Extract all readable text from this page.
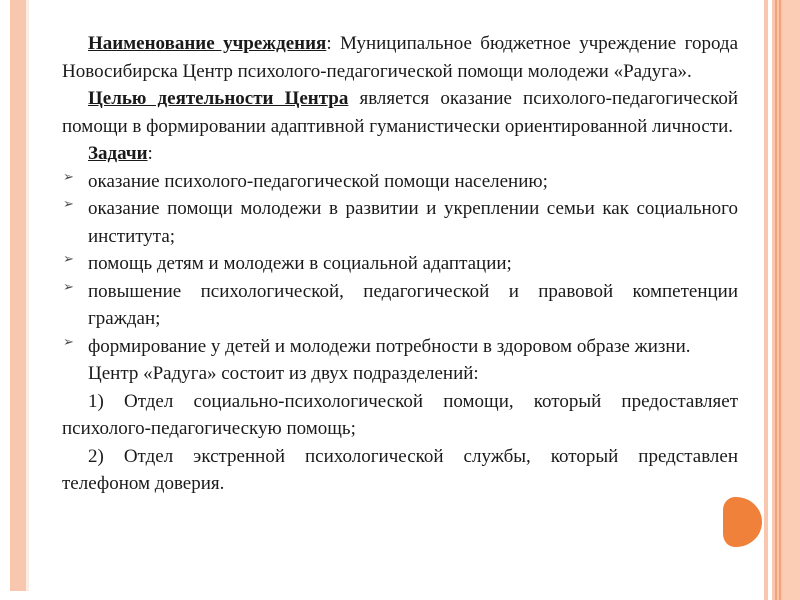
Наименование учреждения: Муниципальное бюджетное учреждение города Новосибирска Центр психолого-педагогической помощи молодежи «Радуга».

Целью деятельности Центра является оказание психолого-педагогической помощи в формировании адаптивной гуманистически ориентированной личности.

Задачи:

➢ оказание психолого-педагогической помощи населению;
➢ оказание помощи молодежи в развитии и укреплении семьи как социального института;
➢ помощь детям и молодежи в социальной адаптации;
➢ повышение психологической, педагогической и правовой компетенции граждан;
➢ формирование у детей и молодежи потребности в здоровом образе жизни.

Центр «Радуга» состоит из двух подразделений:

1) Отдел социально-психологической помощи, который предоставляет психолого-педагогическую помощь;

2) Отдел экстренной психологической службы, который представлен телефоном доверия.
